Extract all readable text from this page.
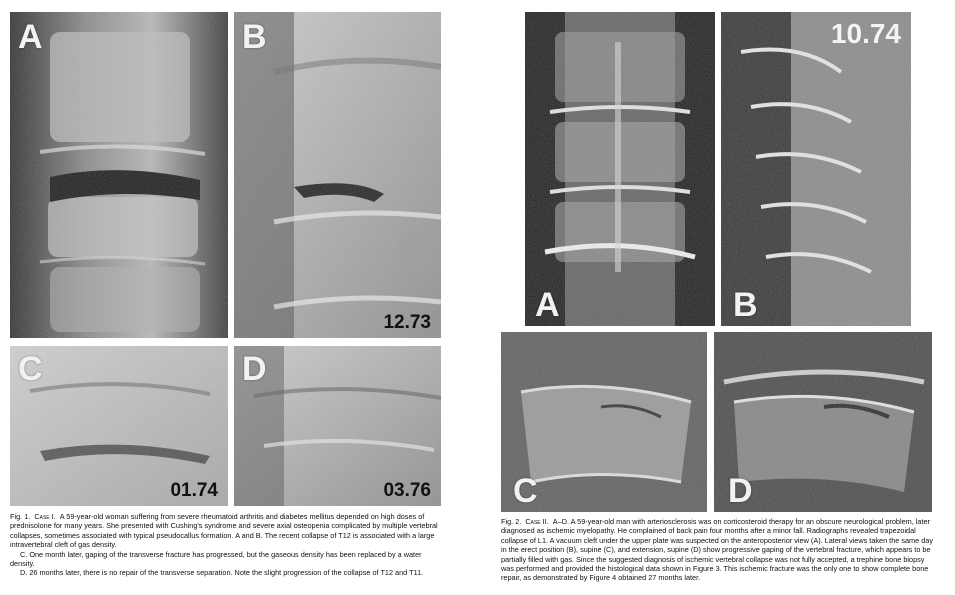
A	B
12.73
C
01.74
D
03.76

Fig. 1. Case I. A 59-year-old woman suffering from severe rheumatoid arthritis and diabetes mellitus depended on high doses of prednisolone for many years. She presented with Cushing's syndrome and severe axial osteopenia complicated by multiple vertebral collapses, sometimes associated with typical pseudocallus formation. A and B. The recent collapse of T12 is associated with a large intravertebral cleft of gas density.

C. One month later, gaping of the transverse fracture has progressed, but the gaseous density has been replaced by a water density.

D. 26 months later, there is no repair of the transverse separation. Note the slight progression of the collapse of T12 and T11.

A
10.74
B
C	D

Fig. 2. Case II. A–D. A 59-year-old man with arteriosclerosis was on corticosteroid therapy for an obscure neurological problem, later diagnosed as ischemic myelopathy. He complained of back pain four months after a minor fall. Radiographs revealed trapezoidal collapse of L1. A vacuum cleft under the upper plate was suspected on the anteroposterior view (A). Lateral views taken the same day in the erect position (B), supine (C), and extension, supine (D) show progressive gaping of the vertebral fracture, which appears to be partially filled with gas. Since the suggested diagnosis of ischemic vertebral collapse was not fully accepted, a trephine bone biopsy was performed and provided the histological data shown in Figure 3. This ischemic fracture was the only one to show complete bone repair, as demonstrated by Figure 4 obtained 27 months later.
